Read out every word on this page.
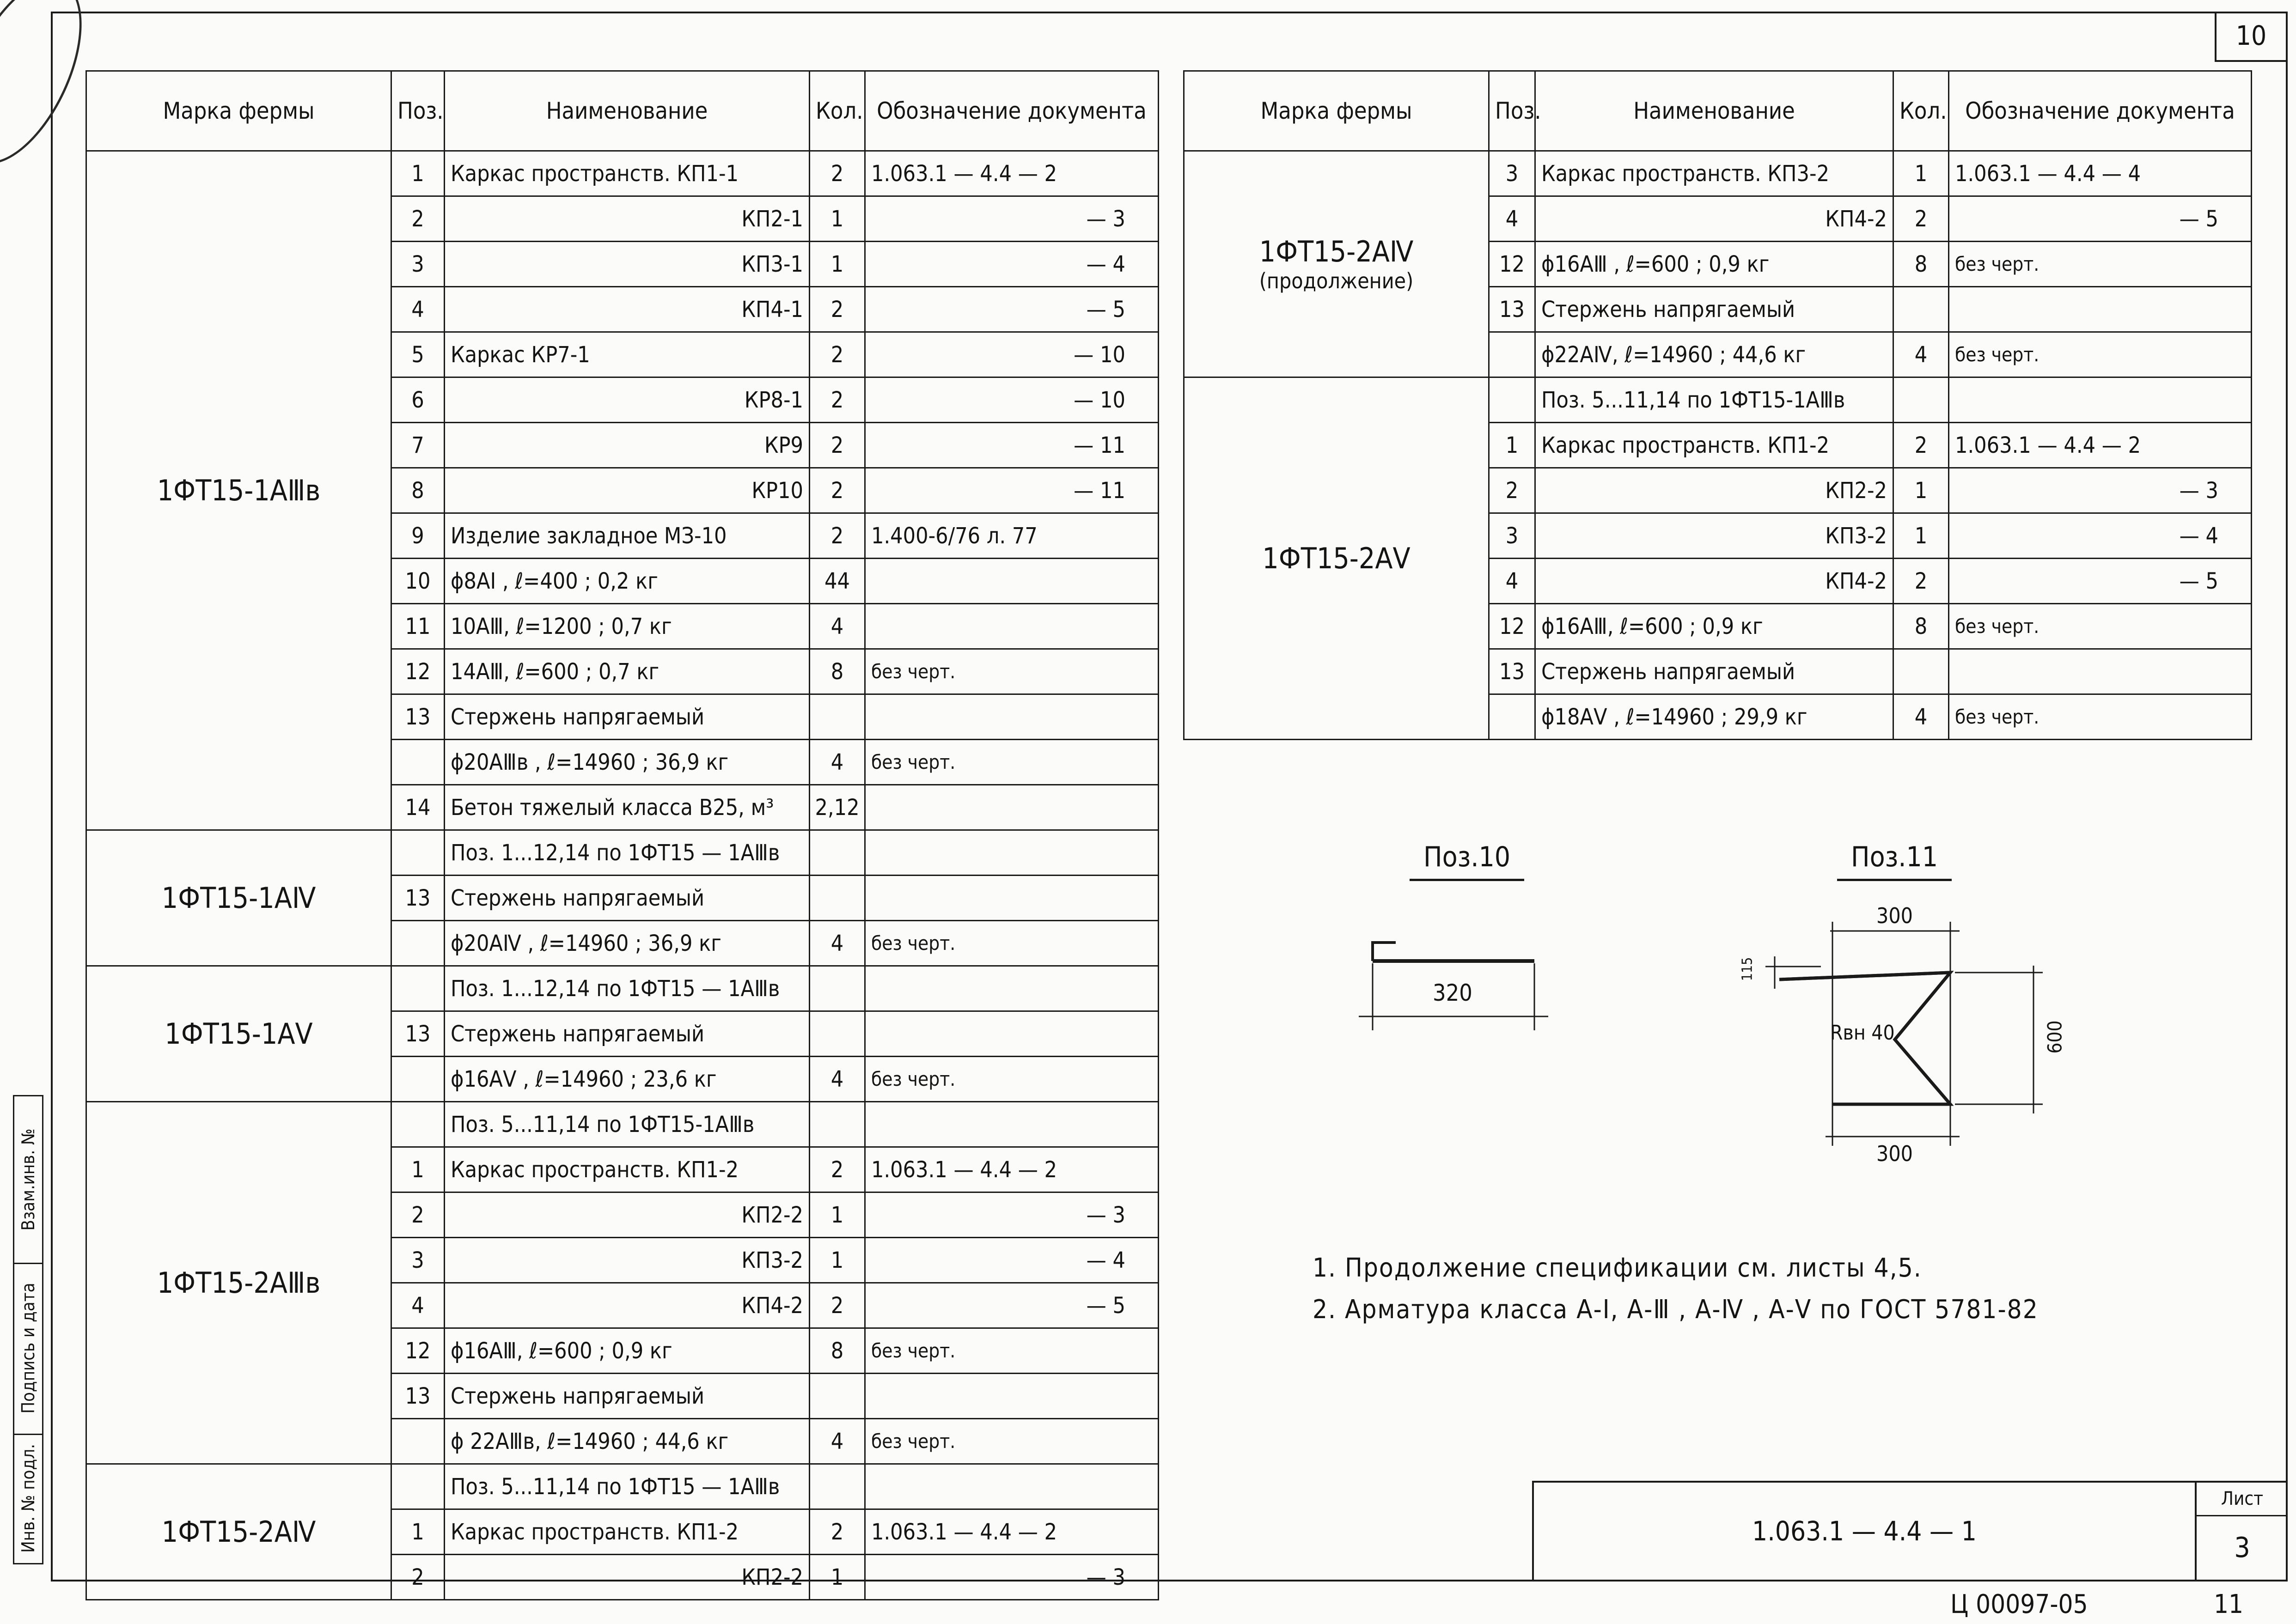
10
Марка фермы	Поз.	Наименование	Кол.	Обозначение документа

1ФТ15-1АⅢв	1	Каркас пространств. КП1-1	2	1.063.1 — 4.4 — 2
	2	КП2-1	1	— 3
	3	КП3-1	1	— 4
	4	КП4-1	2	— 5
	5	Каркас КР7-1	2	— 10
	6	КР8-1	2	— 10
	7	КР9	2	— 11
	8	КР10	2	— 11
	9	Изделие закладное МЗ-10	2	1.400-6/76 л. 77
	10	ϕ8АI , ℓ=400 ; 0,2 кг	44	
	11	10АⅢ, ℓ=1200 ; 0,7 кг	4	
	12	14АⅢ, ℓ=600 ; 0,7 кг	8	без черт.
	13	Стержень напрягаемый		
		ϕ20АⅢв , ℓ=14960 ; 36,9 кг	4	без черт.
	14	Бетон тяжелый класса В25, м³	2,12	

1ФТ15-1АⅣ		Поз. 1...12,14 по 1ФТ15 — 1АⅢв		
	13	Стержень напрягаемый		
		ϕ20АⅣ , ℓ=14960 ; 36,9 кг	4	без черт.

1ФТ15-1АⅤ		Поз. 1...12,14 по 1ФТ15 — 1АⅢв		
	13	Стержень напрягаемый		
		ϕ16АⅤ , ℓ=14960 ; 23,6 кг	4	без черт.

1ФТ15-2АⅢв		Поз. 5...11,14 по 1ФТ15-1АⅢв		
	1	Каркас пространств. КП1-2	2	1.063.1 — 4.4 — 2
	2	КП2-2	1	— 3
	3	КП3-2	1	— 4
	4	КП4-2	2	— 5
	12	ϕ16АⅢ, ℓ=600 ; 0,9 кг	8	без черт.
	13	Стержень напрягаемый		
		ϕ 22АⅢв, ℓ=14960 ; 44,6 кг	4	без черт.

1ФТ15-2АⅣ		Поз. 5...11,14 по 1ФТ15 — 1АⅢв		
	1	Каркас пространств. КП1-2	2	1.063.1 — 4.4 — 2
	2	КП2-2	1	— 3
Марка фермы	Поз.	Наименование	Кол.	Обозначение документа

1ФТ15-2АⅣ
(продолжение)	3	Каркас пространств. КП3-2	1	1.063.1 — 4.4 — 4
	4	КП4-2	2	— 5
	12	ϕ16АⅢ , ℓ=600 ; 0,9 кг	8	без черт.
	13	Стержень напрягаемый		
		ϕ22АⅣ, ℓ=14960 ; 44,6 кг	4	без черт.

1ФТ15-2АⅤ		Поз. 5...11,14 по 1ФТ15-1АⅢв		
	1	Каркас пространств. КП1-2	2	1.063.1 — 4.4 — 2
	2	КП2-2	1	— 3
	3	КП3-2	1	— 4
	4	КП4-2	2	— 5
	12	ϕ16АⅢ, ℓ=600 ; 0,9 кг	8	без черт.
	13	Стержень напрягаемый		
		ϕ18АⅤ , ℓ=14960 ; 29,9 кг	4	без черт.
Поз.10
320
Поз.11
300
300
600
115
Rвн 40
1. Продолжение спецификации см. листы 4,5.
2. Арматура класса А-I, А-Ⅲ , А-Ⅳ , А-Ⅴ по ГОСТ 5781-82
1.063.1 — 4.4 — 1
Лист
3
Взам.инв. №
Подпись и дата
Инв. № подл.
Ц 00097-05	11
